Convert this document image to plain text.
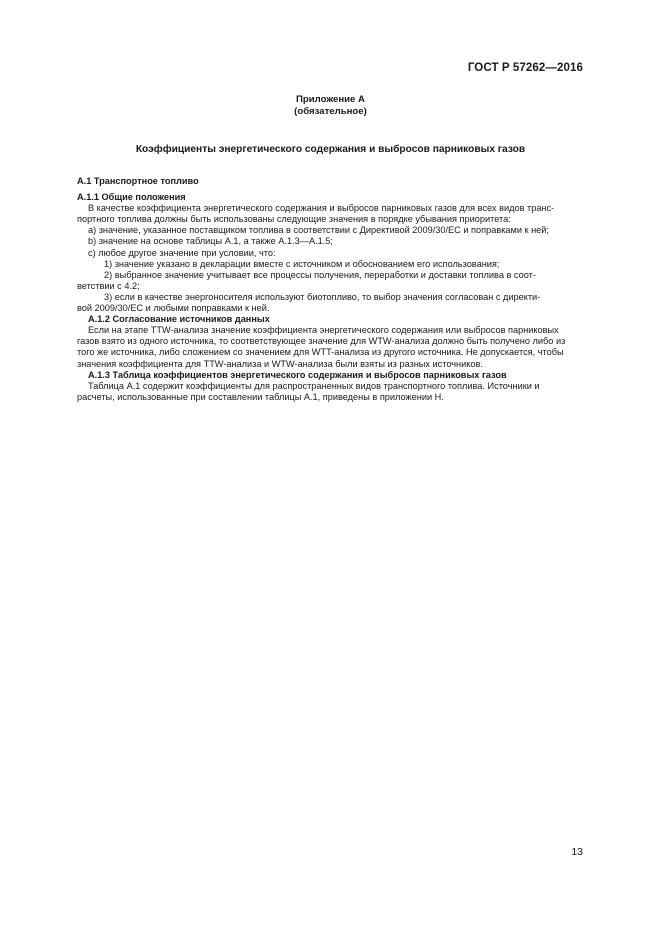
ГОСТ Р 57262—2016
Приложение А
(обязательное)
Коэффициенты энергетического содержания и выбросов парниковых газов
А.1 Транспортное топливо
А.1.1 Общие положения

В качестве коэффициента энергетического содержания и выбросов парниковых газов для всех видов транс-

портного топлива должны быть использованы следующие значения в порядке убывания приоритета:

а) значение, указанное поставщиком топлива в соответствии с Директивой 2009/30/ЕС и поправками к ней;

b) значение на основе таблицы А.1, а также А.1.3—А.1.5;

с) любое другое значение при условии, что:

1) значение указано в декларации вместе с источником и обоснованием его использования;

2) выбранное значение учитывает все процессы получения, переработки и доставки топлива в соот-

ветствии с 4.2;

3) если в качестве энергоносителя используют биотопливо, то выбор значения согласован с директи-

вой 2009/30/ЕС и любыми поправками к ней.

А.1.2 Согласование источников данных

Если на этапе TTW-анализа значение коэффициента энергетического содержания или выбросов парниковых

газов взято из одного источника, то соответствующее значение для WTW-анализа должно быть получено либо из

того же источника, либо сложением со значением для WTT-анализа из другого источника. Не допускается, чтобы

значения коэффициента для TTW-анализа и WTW-анализа были взяты из разных источников.

А.1.3 Таблица коэффициентов энергетического содержания и выбросов парниковых газов

Таблица А.1 содержит коэффициенты для распространенных видов транспортного топлива. Источники и

расчеты, использованные при составлении таблицы А.1, приведены в приложении Н.

13
